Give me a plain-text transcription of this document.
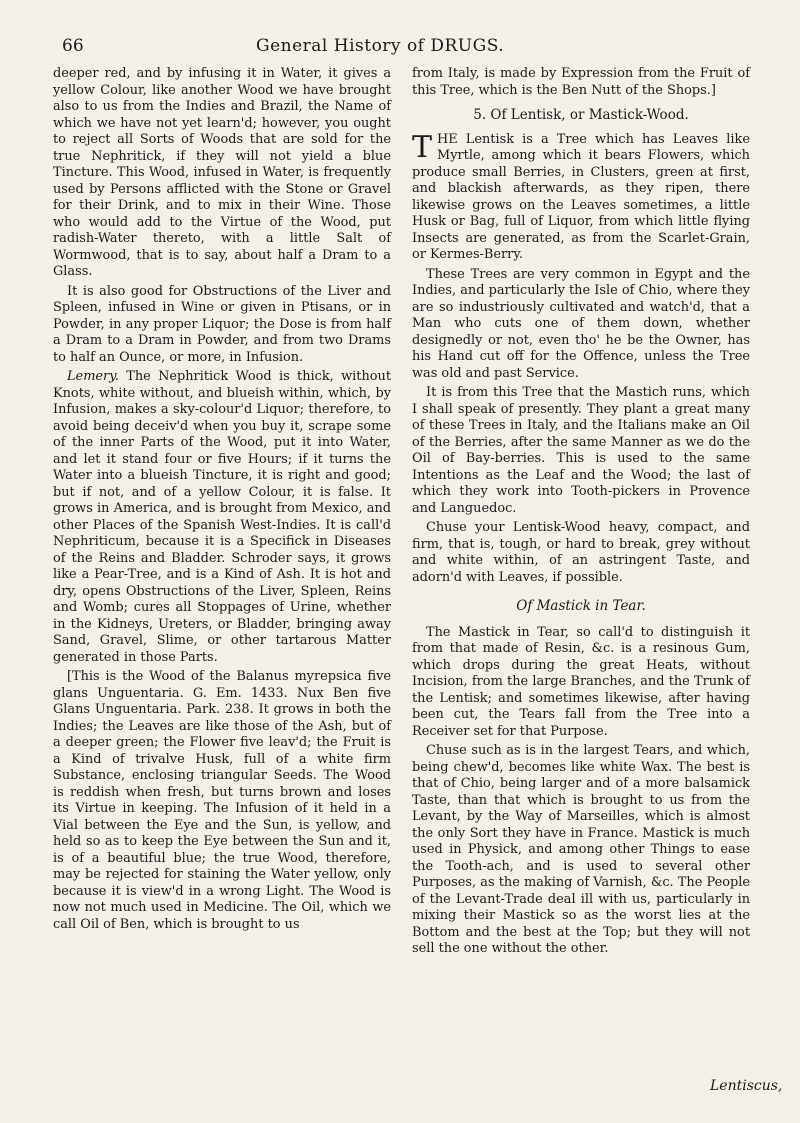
66	General History of DRUGS.

deeper red, and by infusing it in Water, it gives a yellow Colour, like another Wood we have brought also to us from the Indies and Brazil, the Name of which we have not yet learn'd; however, you ought to reject all Sorts of Woods that are sold for the true Nephritick, if they will not yield a blue Tincture. This Wood, infused in Water, is frequently used by Persons afflicted with the Stone or Gravel for their Drink, and to mix in their Wine. Those who would add to the Virtue of the Wood, put radish-Water thereto, with a little Salt of Wormwood, that is to say, about half a Dram to a Glass.

It is also good for Obstructions of the Liver and Spleen, infused in Wine or given in Ptisans, or in Powder, in any proper Liquor; the Dose is from half a Dram to a Dram in Powder, and from two Drams to half an Ounce, or more, in Infusion.

Lemery. The Nephritick Wood is thick, without Knots, white without, and blueish within, which, by Infusion, makes a sky-colour'd Liquor; therefore, to avoid being deceiv'd when you buy it, scrape some of the inner Parts of the Wood, put it into Water, and let it stand four or five Hours; if it turns the Water into a blueish Tincture, it is right and good; but if not, and of a yellow Colour, it is false. It grows in America, and is brought from Mexico, and other Places of the Spanish West-Indies. It is call'd Nephriticum, because it is a Specifick in Diseases of the Reins and Bladder. Schroder says, it grows like a Pear-Tree, and is a Kind of Ash. It is hot and dry, opens Obstructions of the Liver, Spleen, Reins and Womb; cures all Stoppages of Urine, whether in the Kidneys, Ureters, or Bladder, bringing away Sand, Gravel, Slime, or other tartarous Matter generated in those Parts.

[This is the Wood of the Balanus myrepsica five glans Unguentaria. G. Em. 1433. Nux Ben five Glans Unguentaria. Park. 238. It grows in both the Indies; the Leaves are like those of the Ash, but of a deeper green; the Flower five leav'd; the Fruit is a Kind of trivalve Husk, full of a white firm Substance, enclosing triangular Seeds. The Wood is reddish when fresh, but turns brown and loses its Virtue in keeping. The Infusion of it held in a Vial between the Eye and the Sun, is yellow, and held so as to keep the Eye between the Sun and it, is of a beautiful blue; the true Wood, therefore, may be rejected for staining the Water yellow, only because it is view'd in a wrong Light. The Wood is now not much used in Medicine. The Oil, which we call Oil of Ben, which is brought to us

from Italy, is made by Expression from the Fruit of this Tree, which is the Ben Nutt of the Shops.]

5. Of Lentisk, or Mastick-Wood.

T HE Lentisk is a Tree which has Leaves like Myrtle, among which it bears Flowers, which produce small Berries, in Clusters, green at first, and blackish afterwards, as they ripen, there likewise grows on the Leaves sometimes, a little Husk or Bag, full of Liquor, from which little flying Insects are generated, as from the Scarlet-Grain, or Kermes-Berry.

These Trees are very common in Egypt and the Indies, and particularly the Isle of Chio, where they are so industriously cultivated and watch'd, that a Man who cuts one of them down, whether designedly or not, even tho' he be the Owner, has his Hand cut off for the Offence, unless the Tree was old and past Service.

It is from this Tree that the Mastich runs, which I shall speak of presently. They plant a great many of these Trees in Italy, and the Italians make an Oil of the Berries, after the same Manner as we do the Oil of Bay-berries. This is used to the same Intentions as the Leaf and the Wood; the last of which they work into Tooth-pickers in Provence and Languedoc.

Chuse your Lentisk-Wood heavy, compact, and firm, that is, tough, or hard to break, grey without and white within, of an astringent Taste, and adorn'd with Leaves, if possible.

Of Mastick in Tear.

The Mastick in Tear, so call'd to distinguish it from that made of Resin, &c. is a resinous Gum, which drops during the great Heats, without Incision, from the large Branches, and the Trunk of the Lentisk; and sometimes likewise, after having been cut, the Tears fall from the Tree into a Receiver set for that Purpose.

Chuse such as is in the largest Tears, and which, being chew'd, becomes like white Wax. The best is that of Chio, being larger and of a more balsamick Taste, than that which is brought to us from the Levant, by the Way of Marseilles, which is almost the only Sort they have in France. Mastick is much used in Physick, and among other Things to ease the Tooth-ach, and is used to several other Purposes, as the making of Varnish, &c. The People of the Levant-Trade deal ill with us, particularly in mixing their Mastick so as the worst lies at the Bottom and the best at the Top; but they will not sell the one without the other.

Lentiscus,
